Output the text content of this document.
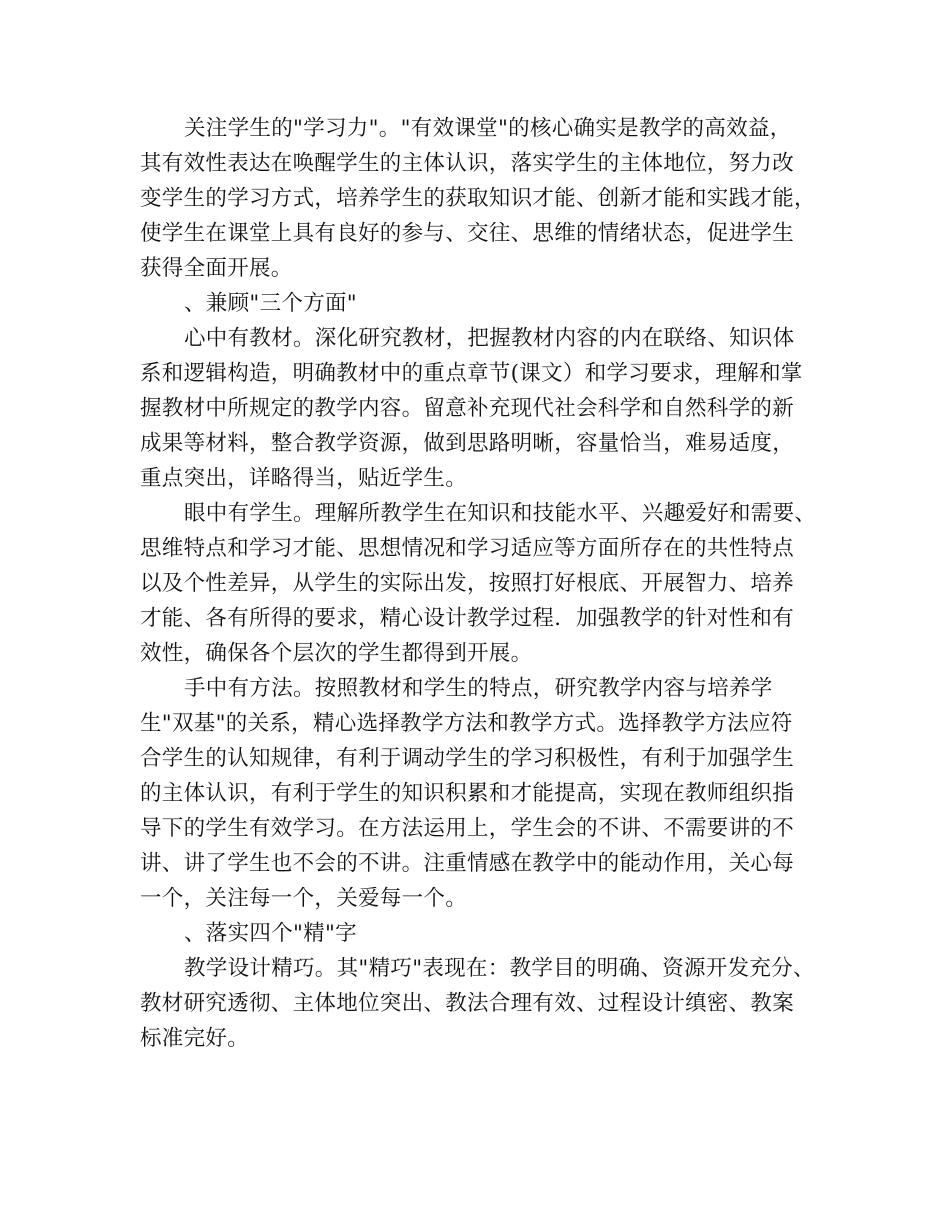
关注学生的"学习力"。"有效课堂"的核心确实是教学的高效益，
其有效性表达在唤醒学生的主体认识，落实学生的主体地位，努力改
变学生的学习方式，培养学生的获取知识才能、创新才能和实践才能，
使学生在课堂上具有良好的参与、交往、思维的情绪状态，促进学生
获得全面开展。
、兼顾"三个方面"
心中有教材。深化研究教材，把握教材内容的内在联络、知识体
系和逻辑构造，明确教材中的重点章节(课文）和学习要求，理解和掌
握教材中所规定的教学内容。留意补充现代社会科学和自然科学的新
成果等材料，整合教学资源，做到思路明晰，容量恰当，难易适度，
重点突出，详略得当，贴近学生。
眼中有学生。理解所教学生在知识和技能水平、兴趣爱好和需要、
思维特点和学习才能、思想情况和学习适应等方面所存在的共性特点
以及个性差异，从学生的实际出发，按照打好根底、开展智力、培养
才能、各有所得的要求，精心设计教学过程．加强教学的针对性和有
效性，确保各个层次的学生都得到开展。
手中有方法。按照教材和学生的特点，研究教学内容与培养学
生"双基"的关系，精心选择教学方法和教学方式。选择教学方法应符
合学生的认知规律，有利于调动学生的学习积极性，有利于加强学生
的主体认识，有利于学生的知识积累和才能提高，实现在教师组织指
导下的学生有效学习。在方法运用上，学生会的不讲、不需要讲的不
讲、讲了学生也不会的不讲。注重情感在教学中的能动作用，关心每
一个，关注每一个，关爱每一个。
、落实四个"精"字
教学设计精巧。其"精巧"表现在：教学目的明确、资源开发充分、
教材研究透彻、主体地位突出、教法合理有效、过程设计缜密、教案
标准完好。
